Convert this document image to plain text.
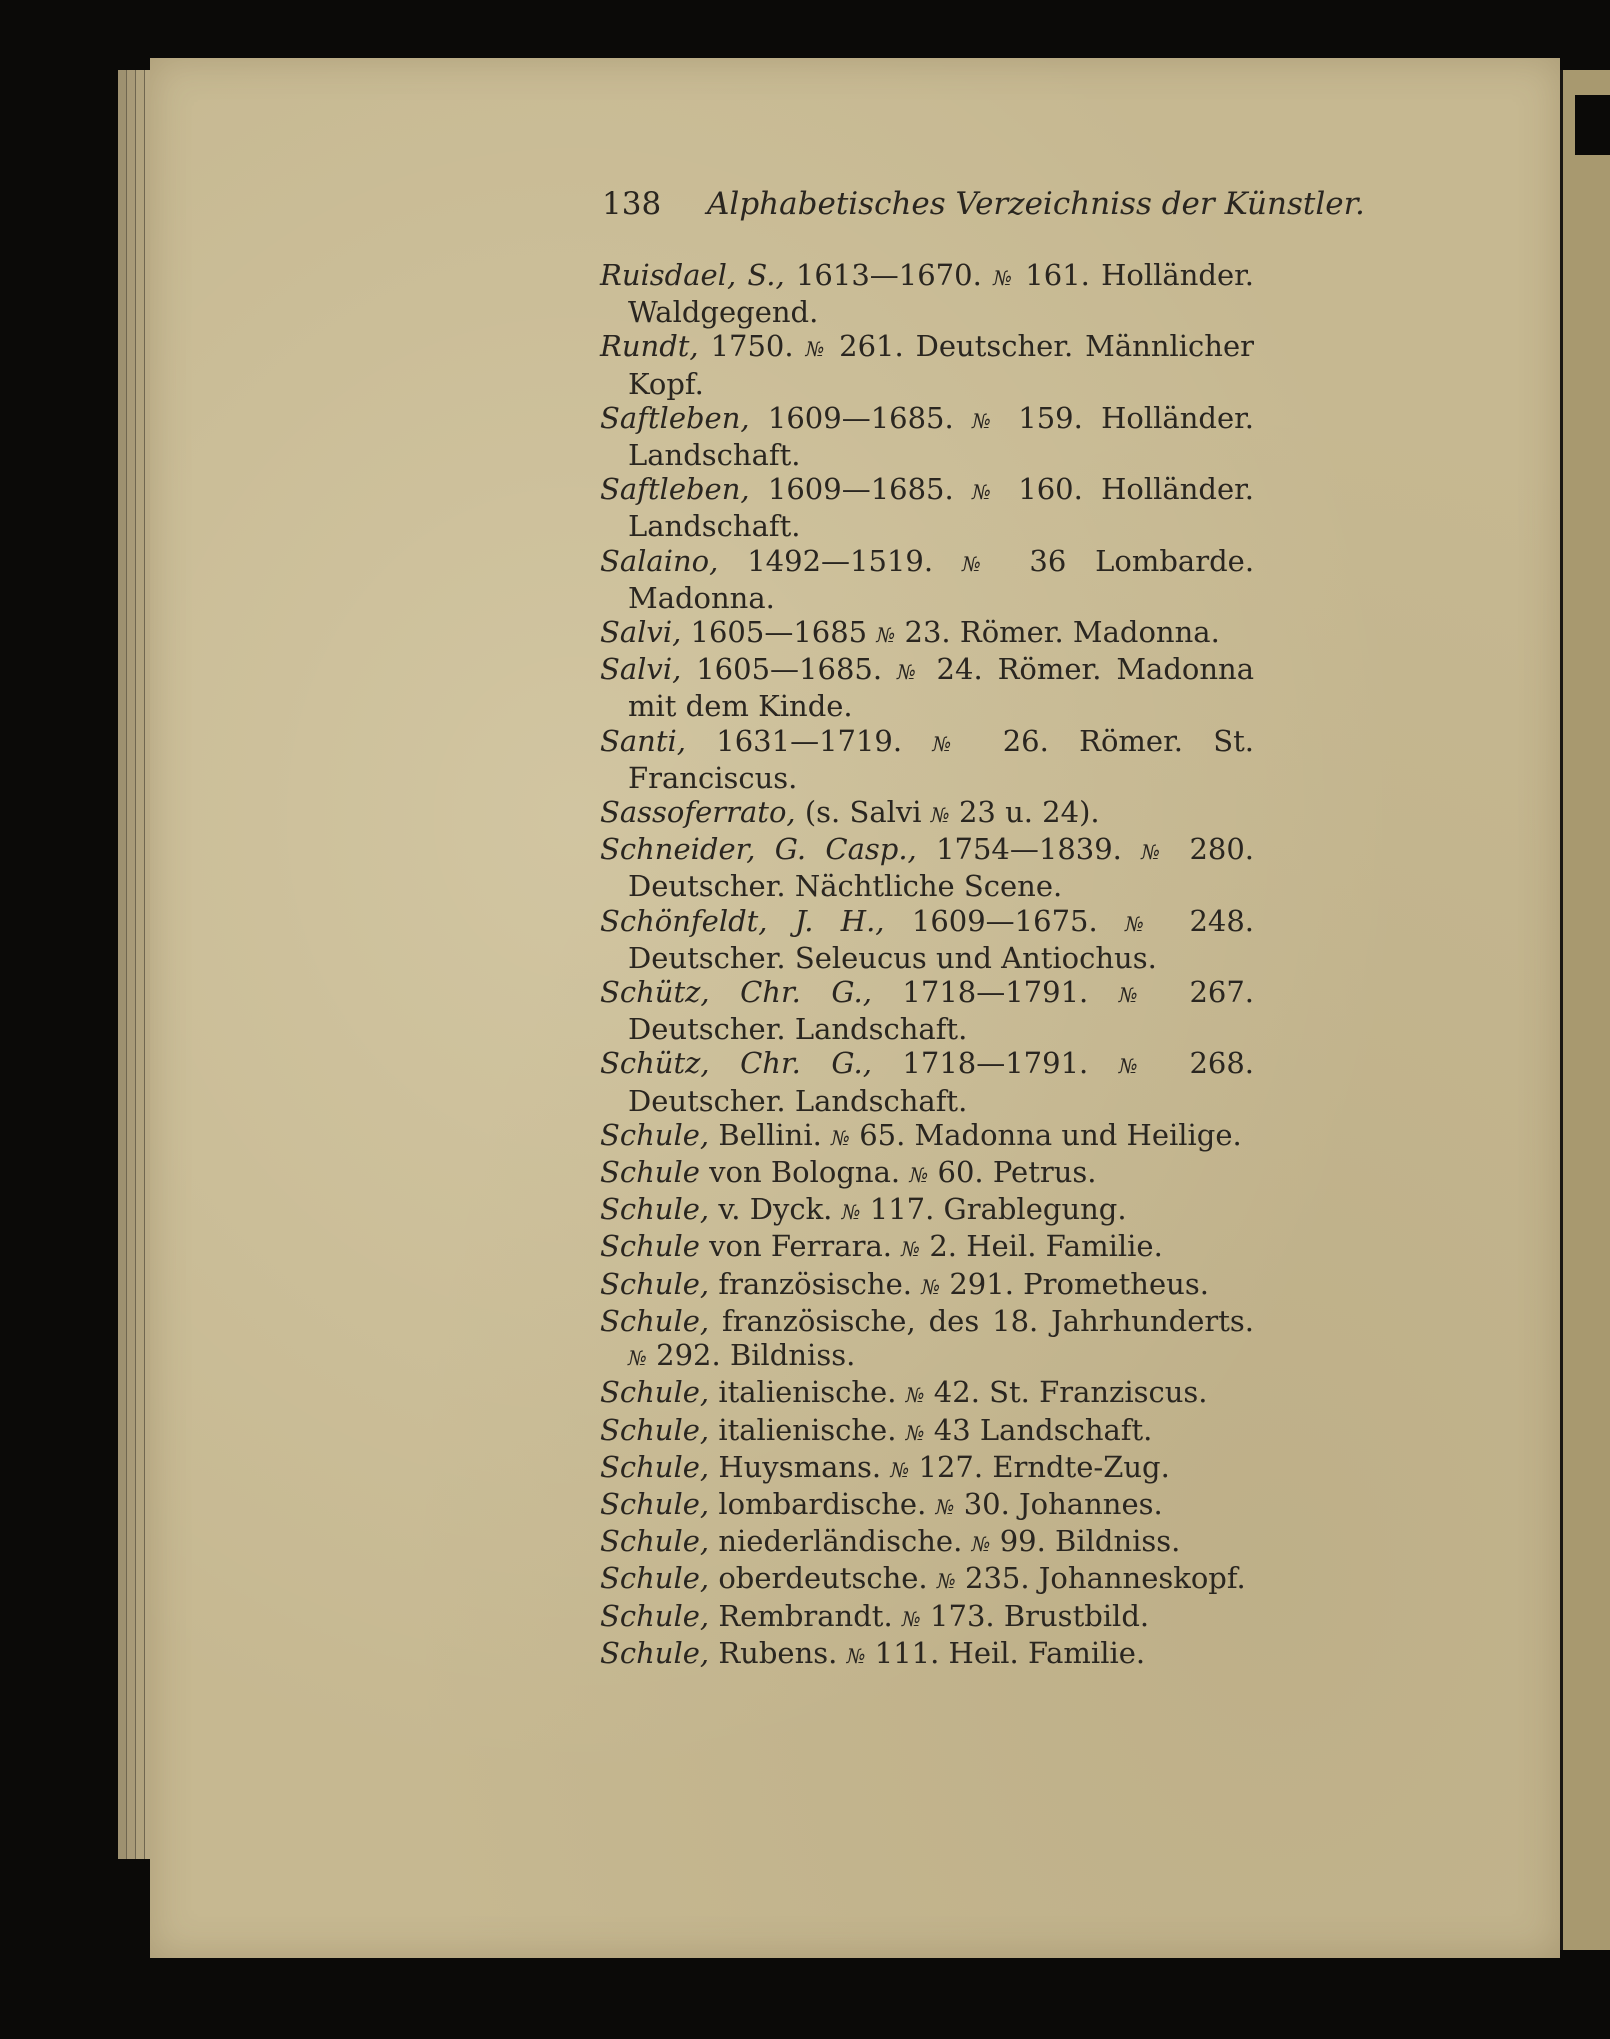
138 Alphabetisches Verzeichniss der Künstler.

Ruisdael, S., 1613—1670. № 161. Holländer. Waldgegend.

Rundt, 1750. № 261. Deutscher. Männlicher Kopf.

Saftleben, 1609—1685. № 159. Holländer. Landschaft.

Saftleben, 1609—1685. № 160. Holländer. Landschaft.

Salaino, 1492—1519. № 36 Lombarde. Madonna.

Salvi, 1605—1685 № 23. Römer. Madonna.

Salvi, 1605—1685. № 24. Römer. Madonna mit dem Kinde.

Santi, 1631—1719. № 26. Römer. St. Franciscus.

Sassoferrato, (s. Salvi № 23 u. 24).

Schneider, G. Casp., 1754—1839. № 280. Deutscher. Nächtliche Scene.

Schönfeldt, J. H., 1609—1675. № 248. Deutscher. Seleucus und Antiochus.

Schütz, Chr. G., 1718—1791. № 267. Deutscher. Landschaft.

Schütz, Chr. G., 1718—1791. № 268. Deutscher. Landschaft.

Schule, Bellini. № 65. Madonna und Heilige.

Schule von Bologna. № 60. Petrus.

Schule, v. Dyck. № 117. Grablegung.

Schule von Ferrara. № 2. Heil. Familie.

Schule, französische. № 291. Prometheus.

Schule, französische, des 18. Jahrhunderts. № 292. Bildniss.

Schule, italienische. № 42. St. Franziscus.

Schule, italienische. № 43 Landschaft.

Schule, Huysmans. № 127. Erndte-Zug.

Schule, lombardische. № 30. Johannes.

Schule, niederländische. № 99. Bildniss.

Schule, oberdeutsche. № 235. Johanneskopf.

Schule, Rembrandt. № 173. Brustbild.

Schule, Rubens. № 111. Heil. Familie.
